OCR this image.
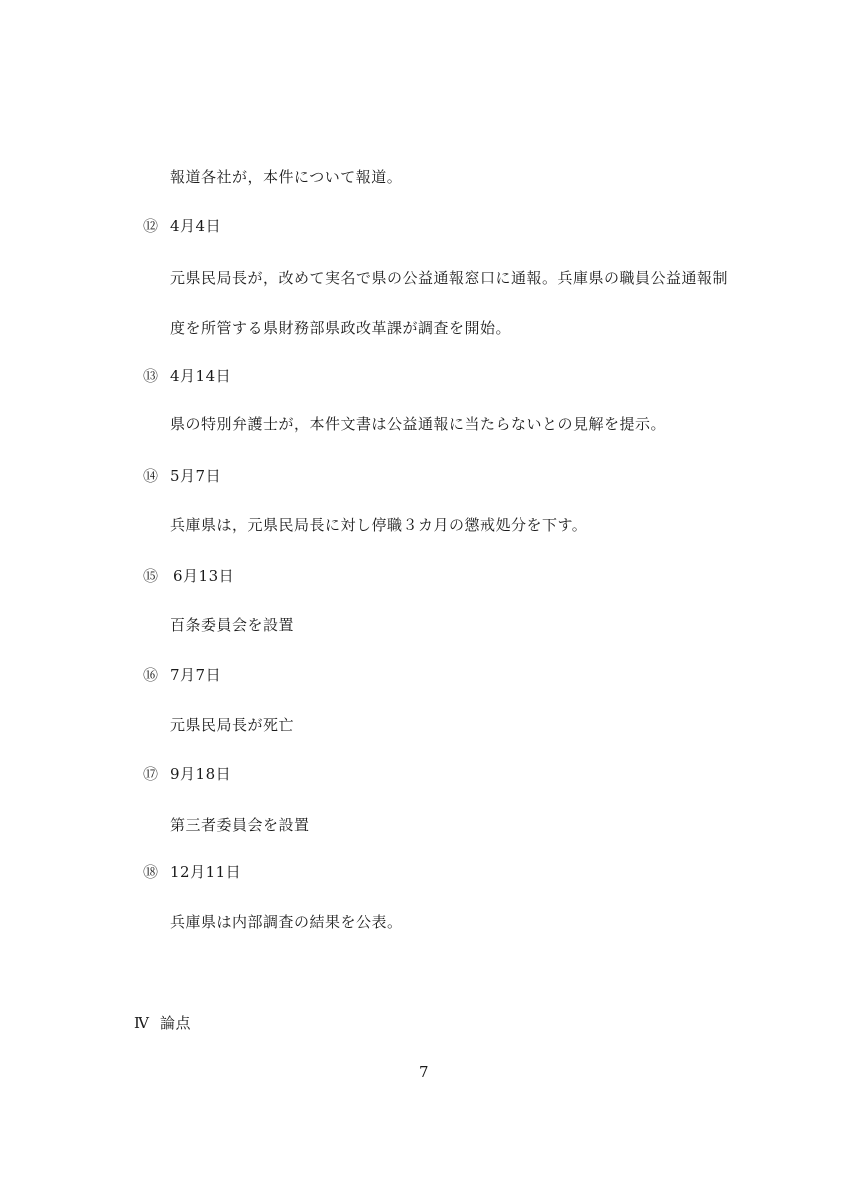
報道各社が，本件について報道。
⑫ 4月4日
元県民局長が，改めて実名で県の公益通報窓口に通報。兵庫県の職員公益通報制
度を所管する県財務部県政改革課が調査を開始。
⑬ 4月14日
県の特別弁護士が，本件文書は公益通報に当たらないとの見解を提示。
⑭ 5月7日
兵庫県は，元県民局長に対し停職３カ月の懲戒処分を下す。
⑮ 6月13日
百条委員会を設置
⑯ 7月7日
元県民局長が死亡
⑰ 9月18日
第三者委員会を設置
⑱ 12月11日
兵庫県は内部調査の結果を公表。
Ⅳ 論点
7
